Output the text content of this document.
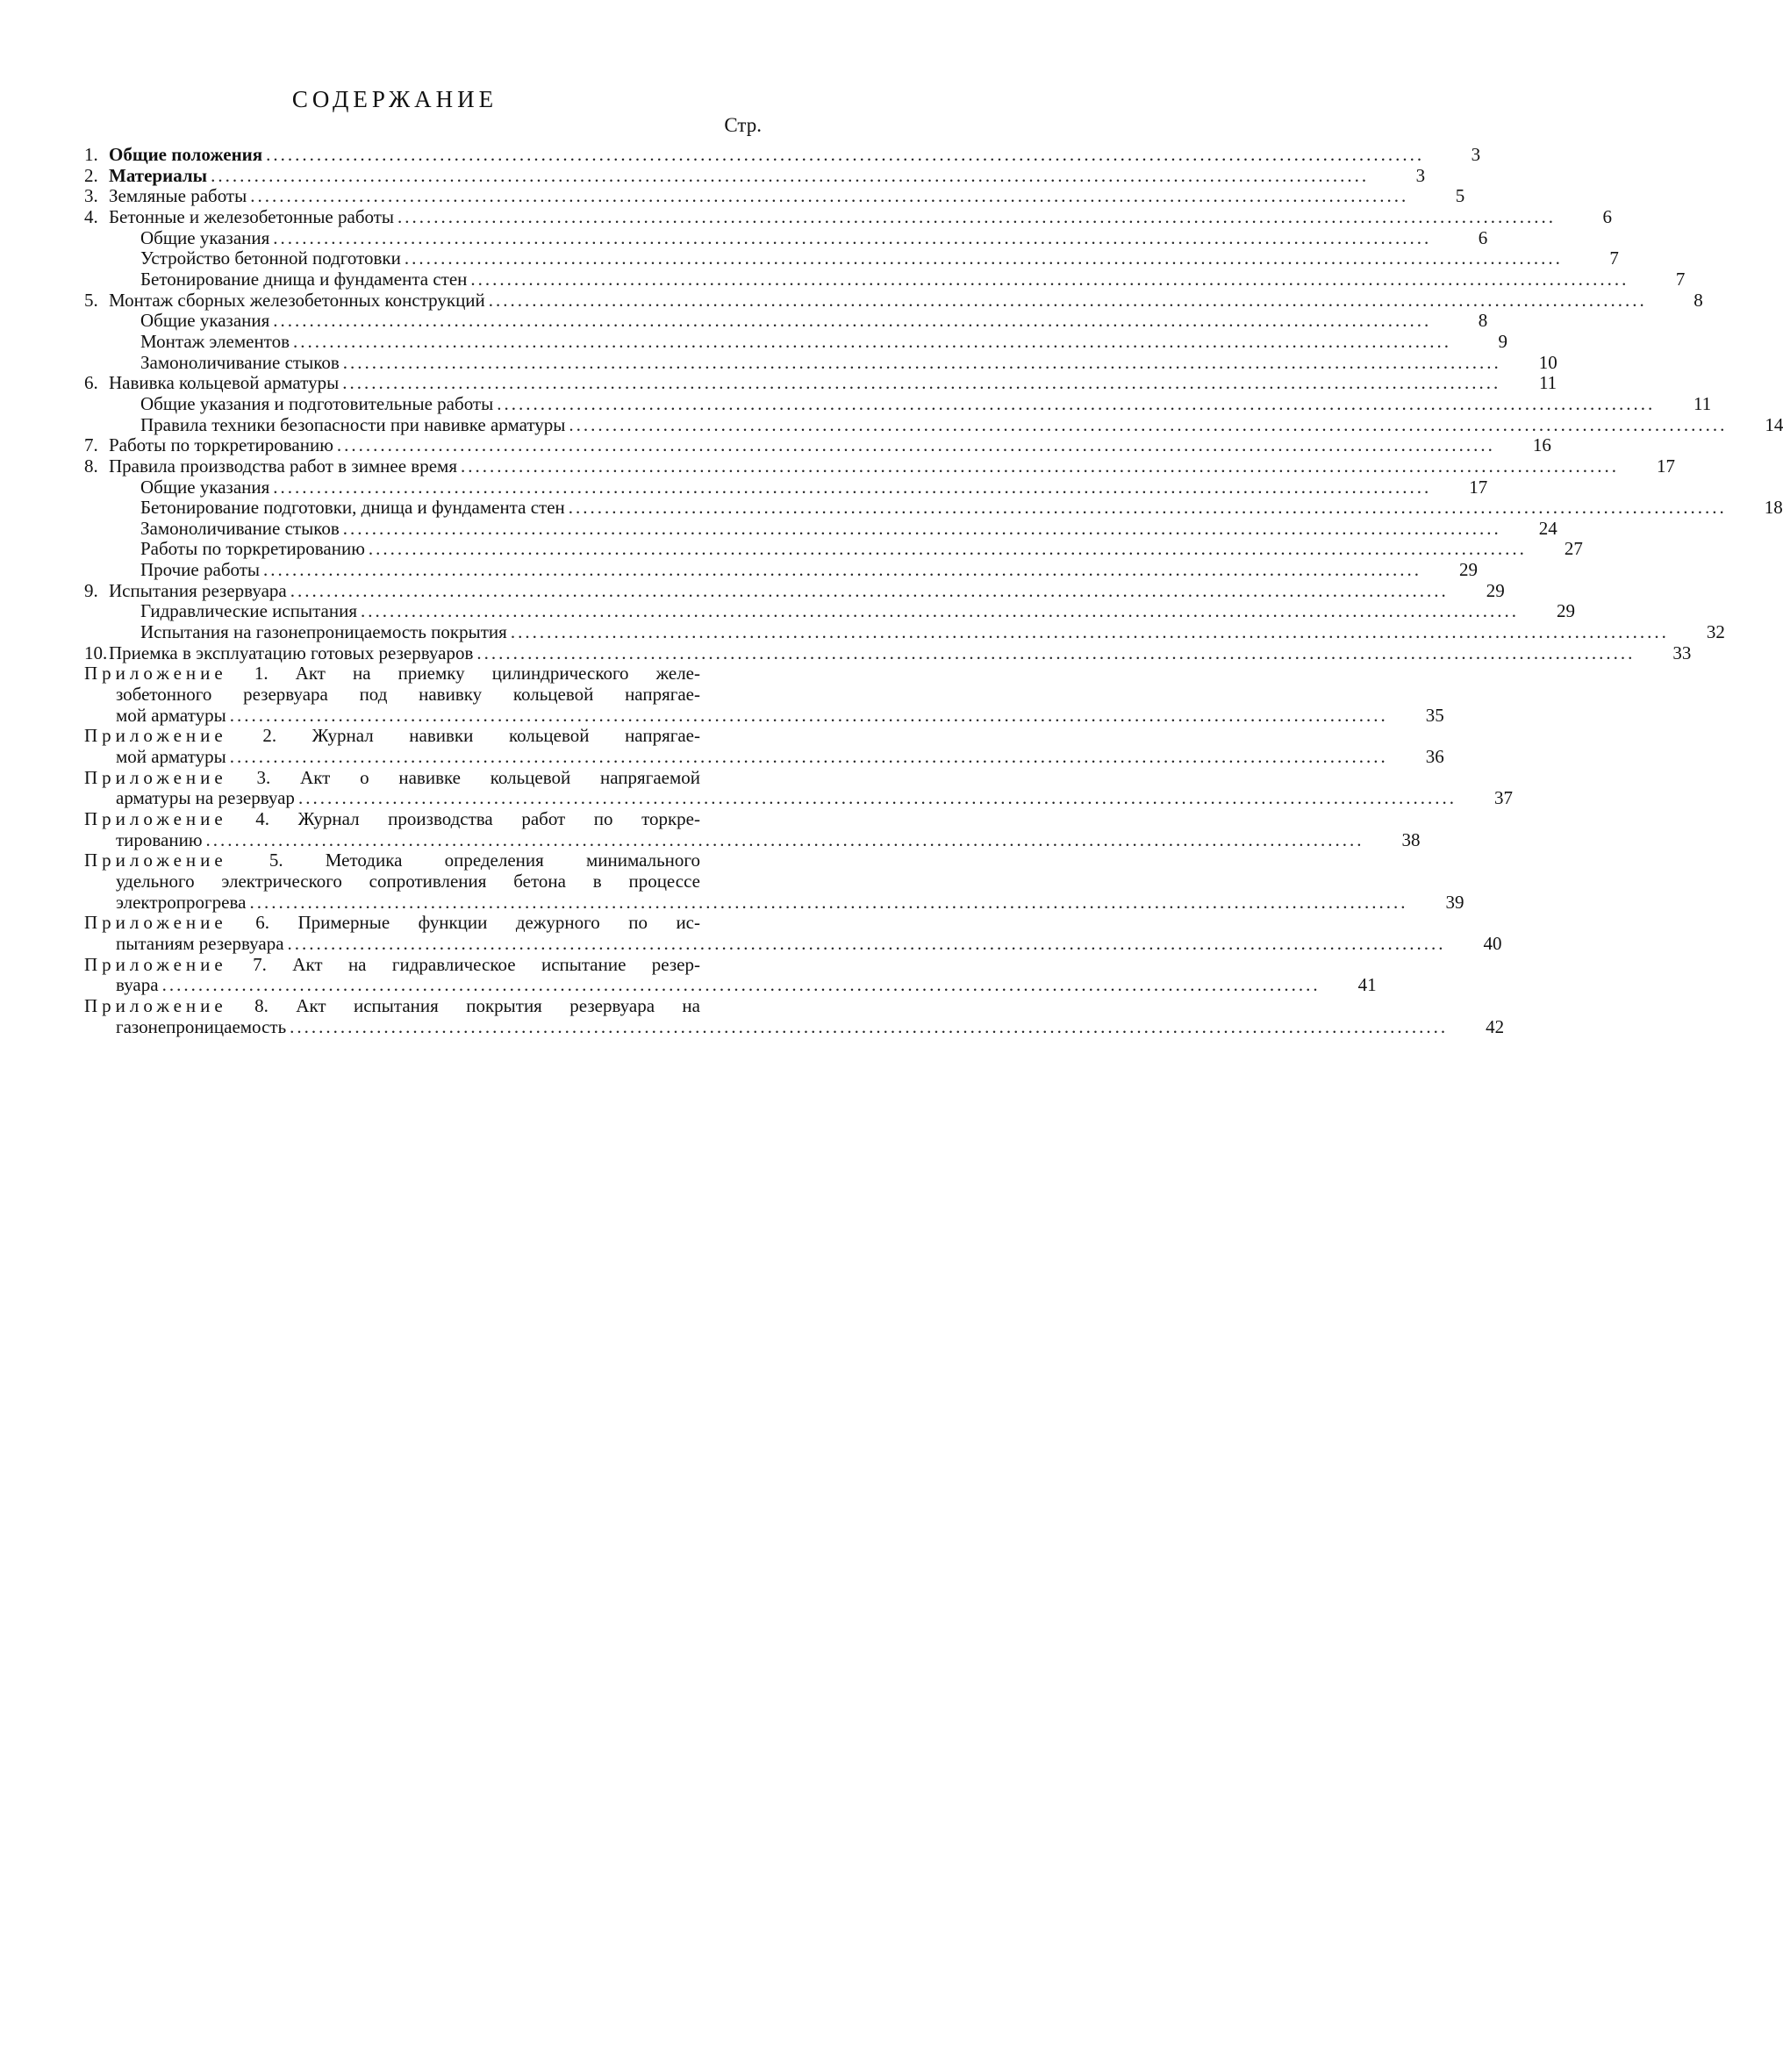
СОДЕРЖАНИЕ
Стр.
1. Общие положения ................................................................................................................................................................	3
2. Материалы ................................................................................................................................................................	3
3. Земляные работы ................................................................................................................................................................	5
4. Бетонные и железобетонные работы ................................................................................................................................................................	6
Общие указания ................................................................................................................................................................	6
Устройство бетонной подготовки ................................................................................................................................................................	7
Бетонирование днища и фундамента стен ................................................................................................................................................................	7
5. Монтаж сборных железобетонных конструкций ................................................................................................................................................................	8
Общие указания ................................................................................................................................................................	8
Монтаж элементов ................................................................................................................................................................	9
Замоноличивание стыков ................................................................................................................................................................	10
6. Навивка кольцевой арматуры ................................................................................................................................................................	11
Общие указания и подготовительные работы ................................................................................................................................................................	11
Правила техники безопасности при навивке арматуры ................................................................................................................................................................	14
7. Работы по торкретированию ................................................................................................................................................................	16
8. Правила производства работ в зимнее время ................................................................................................................................................................	17
Общие указания ................................................................................................................................................................	17
Бетонирование подготовки, днища и фундамента стен ................................................................................................................................................................	18
Замоноличивание стыков ................................................................................................................................................................	24
Работы по торкретированию ................................................................................................................................................................	27
Прочие работы ................................................................................................................................................................	29
9. Испытания резервуара ................................................................................................................................................................	29
Гидравлические испытания ................................................................................................................................................................	29
Испытания на газонепроницаемость покрытия ................................................................................................................................................................	32
10. Приемка в эксплуатацию готовых резервуаров ................................................................................................................................................................	33
Приложение 1. Акт на приемку цилиндрического желе-
зобетонного резервуара под навивку кольцевой напрягае-
мой арматуры ................................................................................................................................................................	35
Приложение 2. Журнал навивки кольцевой напрягае-
мой арматуры ................................................................................................................................................................	36
Приложение 3. Акт о навивке кольцевой напрягаемой
арматуры на резервуар ................................................................................................................................................................	37
Приложение 4. Журнал производства работ по торкре-
тированию ................................................................................................................................................................	38
Приложение 5. Методика определения минимального
удельного электрического сопротивления бетона в процессе
электропрогрева ................................................................................................................................................................	39
Приложение 6. Примерные функции дежурного по ис-
пытаниям резервуара ................................................................................................................................................................	40
Приложение 7. Акт на гидравлическое испытание резер-
вуара ................................................................................................................................................................	41
Приложение 8. Акт испытания покрытия резервуара на
газонепроницаемость ................................................................................................................................................................	42
